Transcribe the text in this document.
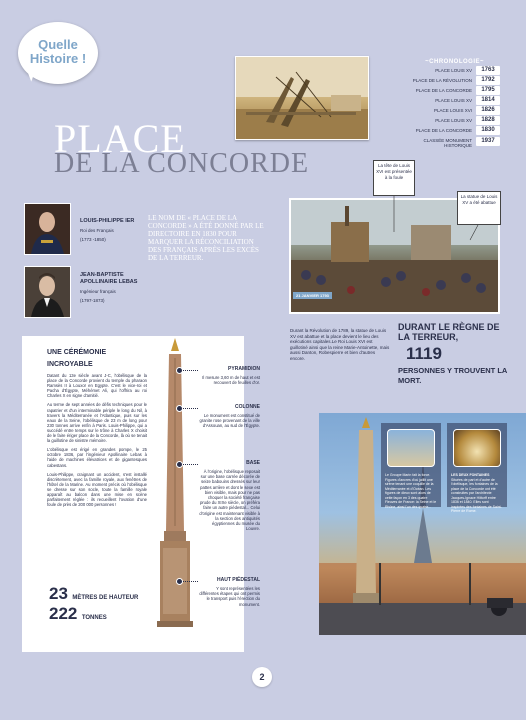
Quelle
Histoire !	~CHRONOLOGIE~
PLACE LOUIS XV	1763
PLACE DE LA RÉVOLUTION	1792
PLACE DE LA CONCORDE	1795
PLACE LOUIS XV	1814
PLACE LOUIS XVI	1826
PLACE LOUIS XV	1828
PLACE DE LA CONCORDE	1830
CLASSÉE MONUMENT HISTORIQUE
1937
PLACE
DE LA CONCORDE
LOUIS-PHILIPPE IER
Roi des Français
(1773 -1850)
JEAN-BAPTISTE APOLLINAIRE LEBAS
Ingénieur français
(1797-1873)
LE NOM DE « PLACE DE LA CONCORDE » A ÉTÉ DONNÉ PAR LE DIRECTOIRE EN 1830 POUR MARQUER LA RÉCONCILIATION DES FRANÇAIS APRÈS LES EXCÈS DE LA TERREUR.
21 JANVIER 1793
La tête de Louis XVI est présentée à la foule
La statue de Louis XV a été abattue
Durant la Révolution de 1789, la statue de Louis XV est abattue et la place devient le lieu des exécutions capitales.Le Roi Louis XVI est guillotiné ainsi que la reine Marie-Antoinette, mais aussi Danton, Robespierre et bien d'autres encore.
DURANT LE RÈGNE DE LA TERREUR,
1119
PERSONNES Y TROUVENT LA MORT.
UNE CÉRÉMONIE
INCROYABLE

Datant du 13e siècle avant J-C, l'obélisque de la place de la Concorde provient du temple du pharaon Ramsès II à Louxor en Egypte. C'est le vice-roi et Pacha d'Égypte, Méhémet Ali, qui l'offrira au roi Charles X en signe d'amitié.

Au terme de sept années de défis techniques pour le rapatrier et d'un interminable périple le long du Nil, à travers la Méditerranée et l'Atlantique, puis sur les eaux de la Seine, l'obélisque de 23 m de long pour 230 tonnes arrive enfin à Paris. Louis-Philippe, qui a succédé entre temps sur le trône à Charles X choisit de le faire ériger place de la Concorde, là où se tenait la guillotine de sinistre mémoire.

L'obélisque est érigé en grandes pompe, le 25 octobre 1836, par l'ingénieur Apollinaire Lebas à l'aide de machines élévatrices et de gigantesques cabestans.

Louis-Philippe, craignant un accident, s'est installé discrètement, avec la famille royale, aux fenêtres de l'hôtel de la Marine. Au moment précis où l'obélisque se dresse sur son socle, toute la famille royale apparaît au balcon dans une mise en scène parfaitement réglée : ils recueillent l'ovation d'une foule de près de 200 000 personnes !

23 MÈTRES DE HAUTEUR
222 TONNES
PYRAMIDION
Il mesure 3,60 m de haut et est recouvert de feuilles d'or.
COLONNE
Le monument est constitué de granite rose provenant de la ville d'Assouan, au sud de l'Égypte.
BASE
À l'origine, l'obélisque reposait sur une base carrée décorée de seize babouins dressés sur leur pattes arrière et dont le sexe est bien visible, mais pour ne pas choquer la société française prude du XIXe siècle, on préféra faire un autre piédestal... Celui d'origine est maintenant visible à la section des antiquités égyptiennes du musée du Louvre.
HAUT PIÉDESTAL
Y sont représentées les différentes étapes qui ont permis le transport puis l'érection du monument.
Le Groupe Marin fait la force. Figures d'ancres d'où jaillit une sirène tenant une coquille de la Méditerranée et d'Océan. Les figures de dieux sont alors de cette façon en 3 des quatre Fleuves de France: la Seine et le Rhône, ainsi l'un des quatre...
LES DEUX FONTAINES
Situées de part et d'autre de l'obélisque, les fontaines de la place de la Concorde ont été construites par l'architecte Jacques-Ignace Hittorff entre 1836 et 1840. Elles sont inspirées des fontaines de Saint-Pierre de Rome.
2
